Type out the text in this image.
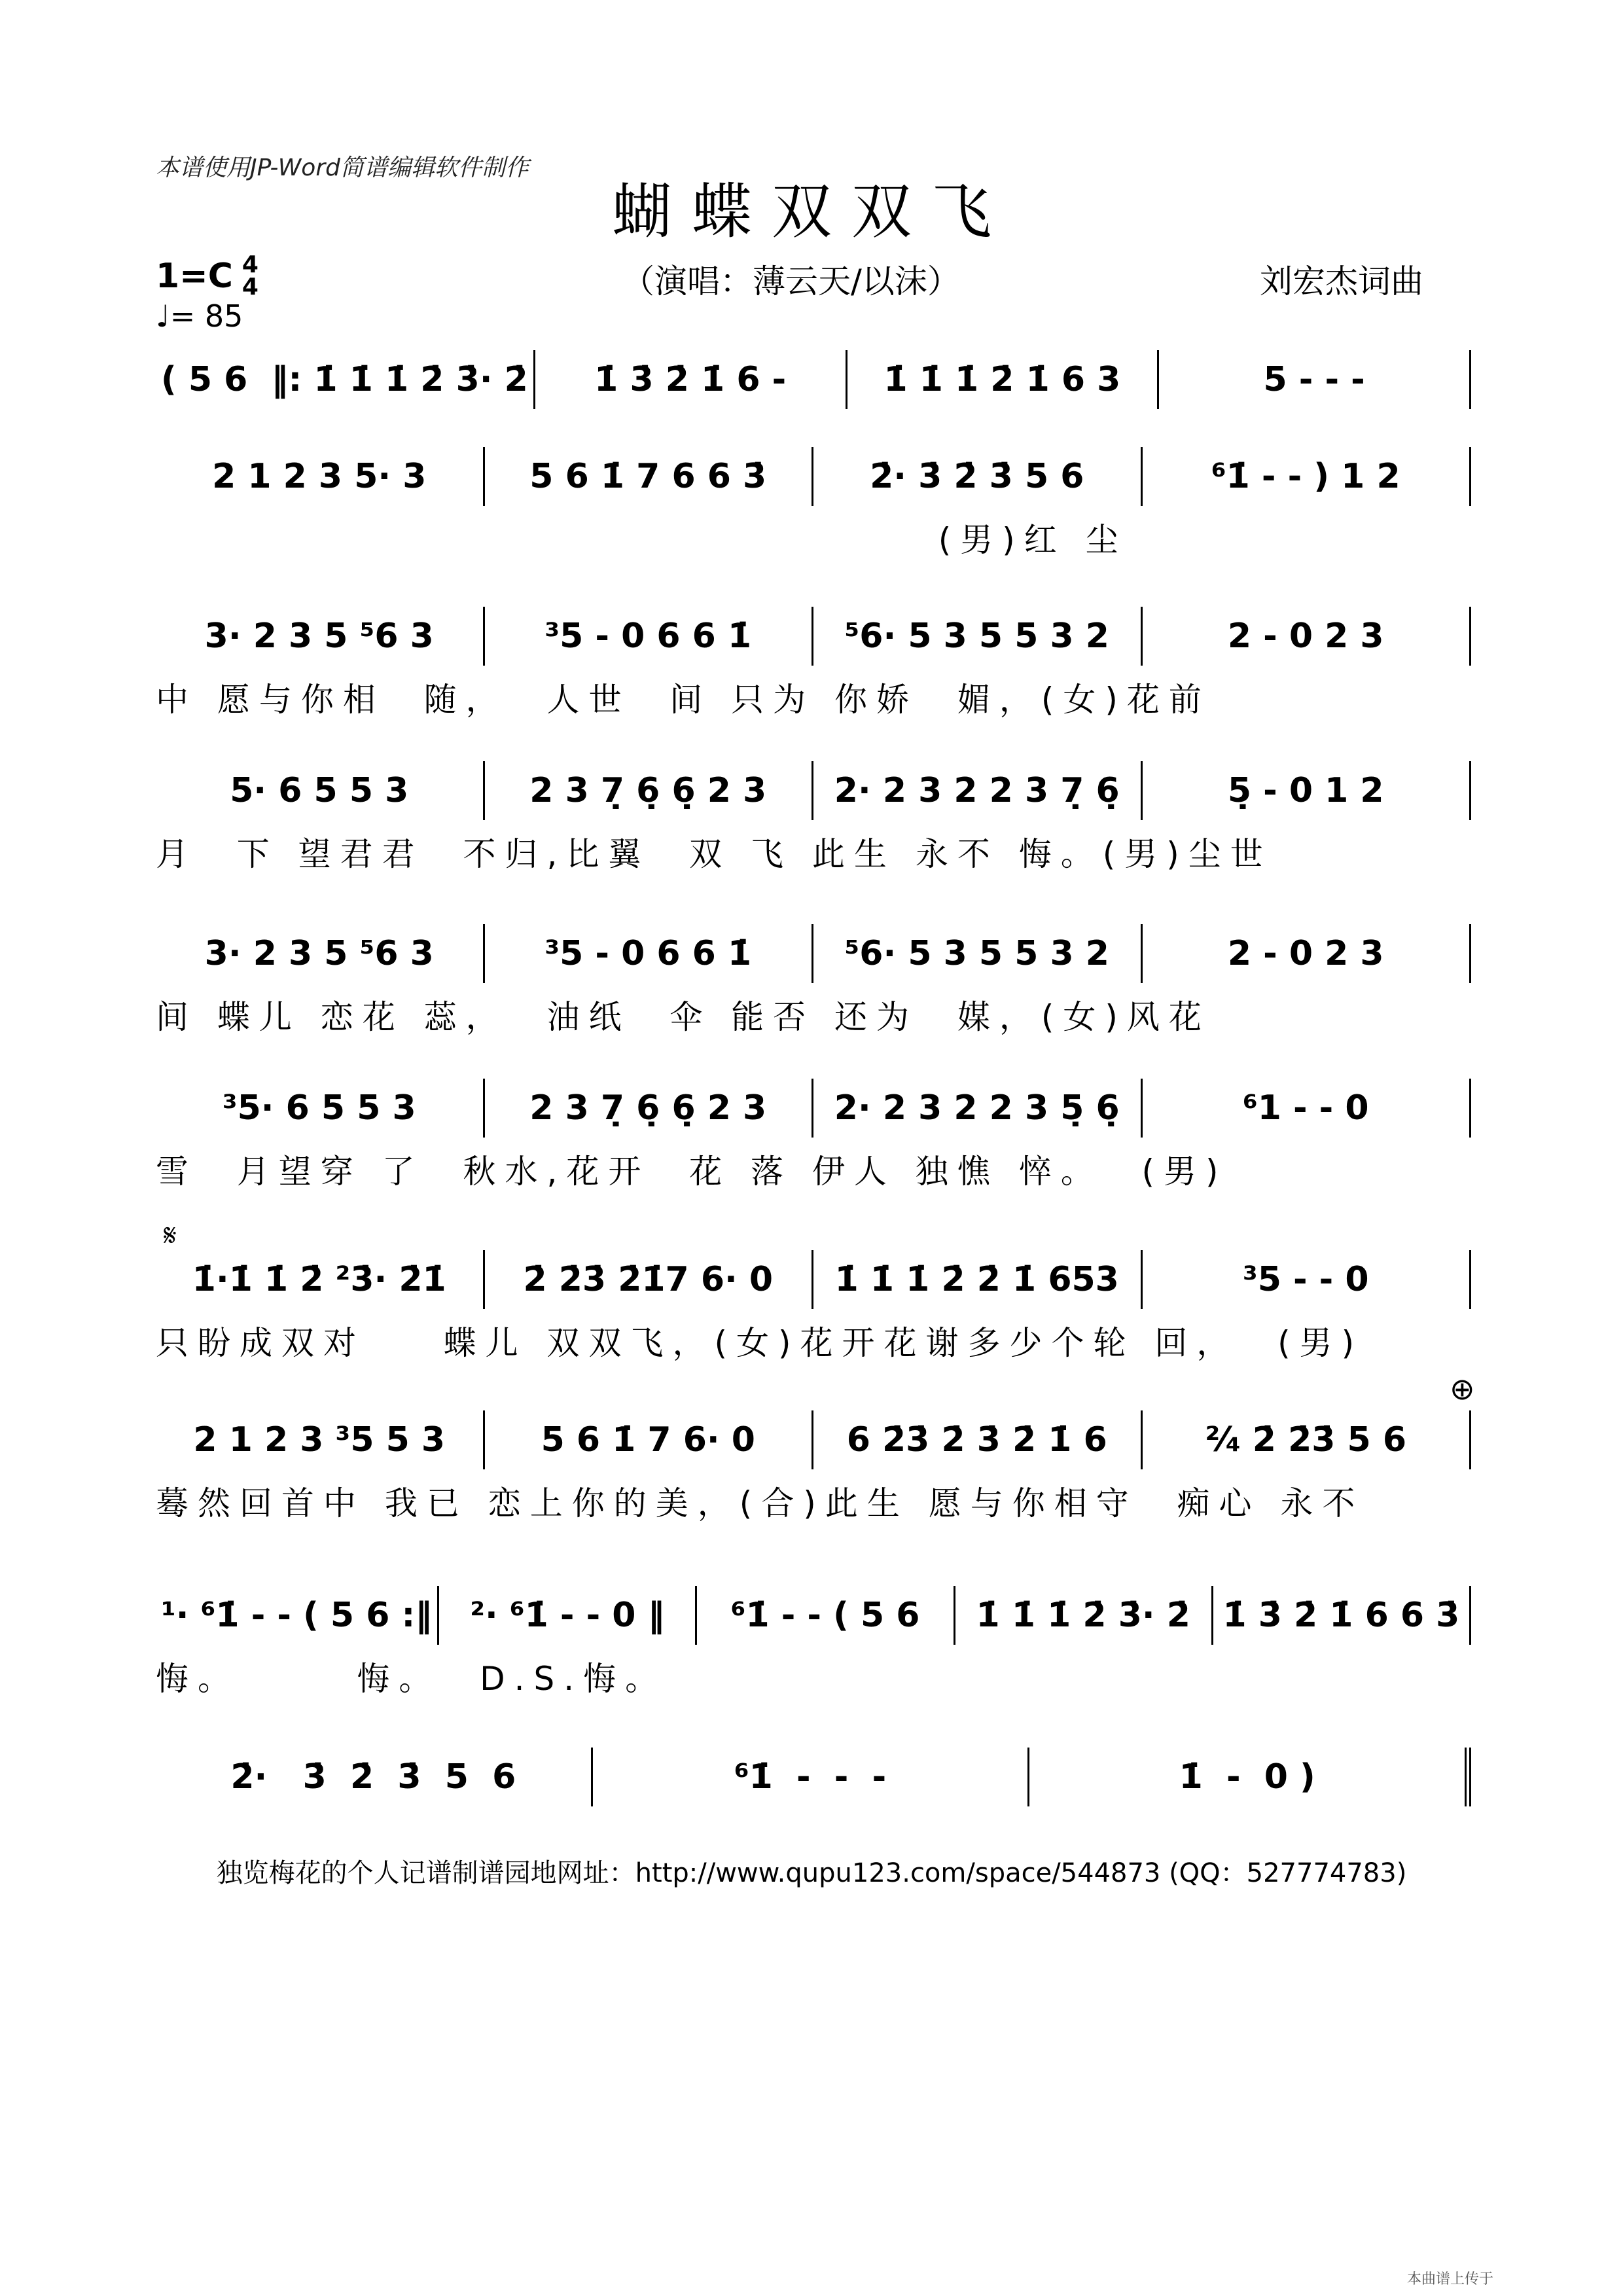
本谱使用JP-Word简谱编辑软件制作
蝴蝶双双飞
1=C 4
4
♩= 85
（演唱：薄云天/以沫）	刘宏杰词曲
𝄋
⊕
( 5 6  ‖: 1̇ 1̇ 1̇ 2̇ 3̇· 2̇	1̇ 3̇ 2̇ 1̇ 6 -	1̇ 1̇ 1̇ 2̇ 1̇ 6 3	5 - - -
2 1 2 3 5· 3	5 6 1̇ 7 6 6 3̇	2̇· 3̇ 2̇ 3̇ 5 6	⁶1̇ - - ) 1 2
(男)红 尘
3· 2 3 5 ⁵6 3	³5 - 0 6 6 1̇	⁵6· 5 3 5 5 3 2	2 - 0 2 3
中 愿与你相  随，  人世  间 只为 你娇  媚，(女)花前
5· 6 5 5 3	2 3 7̣ 6̣ 6̣ 2 3	2· 2 3 2 2 3 7̣ 6̣	5̣ - 0 1 2
月  下 望君君  不归,比翼  双 飞 此生 永不 悔。(男)尘世
3· 2 3 5 ⁵6 3	³5 - 0 6 6 1̇	⁵6· 5 3 5 5 3 2	2 - 0 2 3
间 蝶儿 恋花 蕊，  油纸  伞 能否 还为  媒，(女)风花
³5· 6 5 5 3	2 3 7̣ 6̣ 6̣ 2 3	2· 2 3 2 2 3 5̣ 6̣	⁶1 - - 0
雪  月望穿 了  秋水,花开  花 落 伊人 独憔 悴。  (男)
1̇·1̇ 1̇ 2̇ ²3̇· 2̇1̇	2̇ 2̇3̇ 2̇1̇7 6· 0	1̇ 1̇ 1̇ 2̇ 2̇ 1̇ 653	³5 - - 0
只盼成双对    蝶儿 双双飞，(女)花开花谢多少个轮 回，  (男)
2 1 2 3 ³5 5 3	5 6 1̇ 7 6· 0	6 2̇3̇ 2̇ 3̇ 2̇ 1̇ 6	²⁄₄ 2̇ 2̇3̇ 5 6
蓦然回首中 我已 恋上你的美，(合)此生 愿与你相守  痴心 永不
¹· ⁶1̇ - - ( 5 6 :‖	²· ⁶1̇ - - 0 ‖	⁶1̇ - - ( 5 6	1̇ 1̇ 1̇ 2̇ 3̇· 2̇ 1̇ 3̇ 2̇ 1̇ 6 6 3̇
悔。      悔。  D.S.悔。
2̇·   3̇  2̇  3̇  5  6	⁶1̇  -  -  -	1̇  -  0 )
独览梅花的个人记谱制谱园地网址：http://www.qupu123.com/space/544873 (QQ：527774783)
本曲谱上传于
